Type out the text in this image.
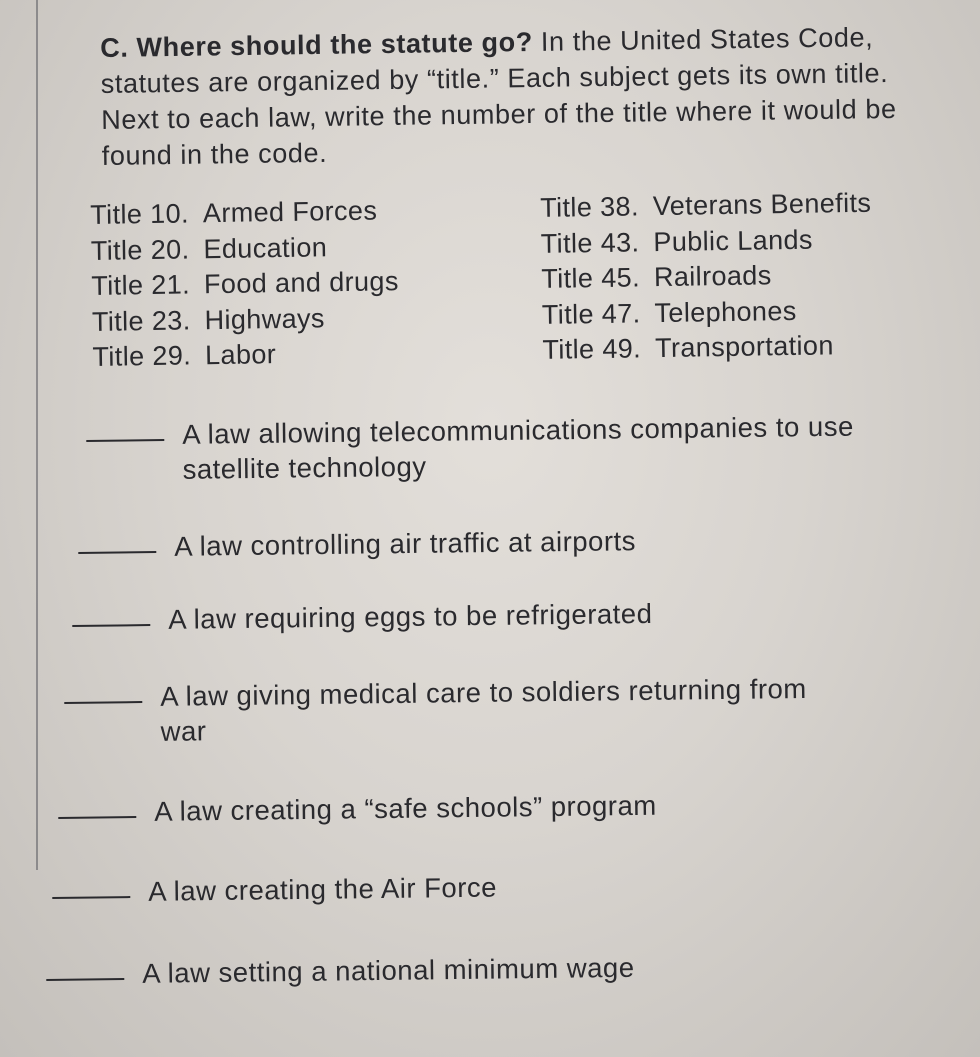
C. Where should the statute go? In the United States Code, statutes are organized by “title.” Each subject gets its own title. Next to each law, write the number of the title where it would be found in the code.
Title 10. Armed Forces
Title 20. Education
Title 21. Food and drugs
Title 23. Highways
Title 29. Labor
Title 38. Veterans Benefits
Title 43. Public Lands
Title 45. Railroads
Title 47. Telephones
Title 49. Transportation
A law allowing telecommunications companies to use satellite technology
A law controlling air traffic at airports
A law requiring eggs to be refrigerated
A law giving medical care to soldiers returning from war
A law creating a “safe schools” program
A law creating the Air Force
A law setting a national minimum wage
